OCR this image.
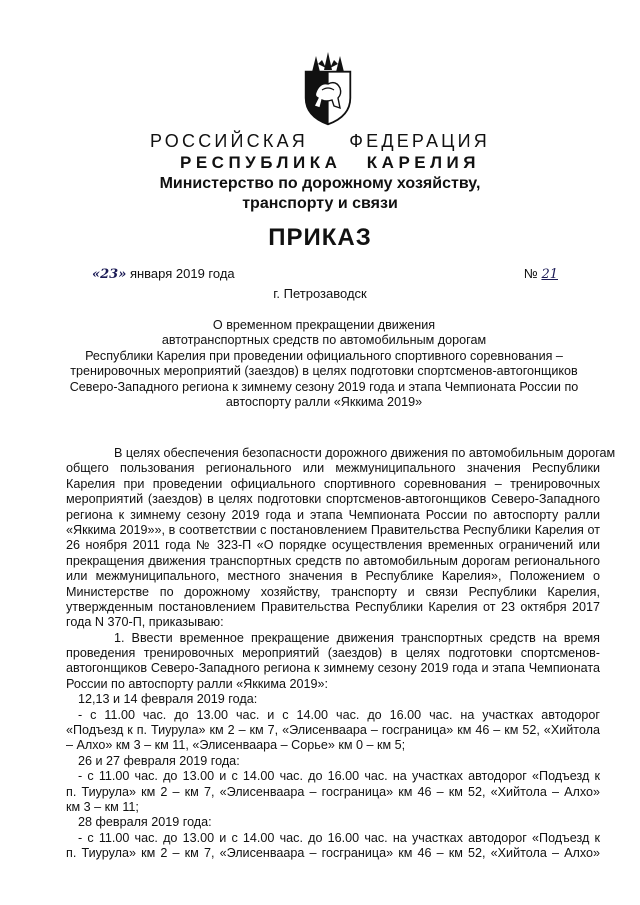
РОССИЙСКАЯ ФЕДЕРАЦИЯ
РЕСПУБЛИКА КАРЕЛИЯ
Министерство по дорожному хозяйству,
транспорту и связи
ПРИКАЗ
«23» января 2019 года	№ 21
г. Петрозаводск
О временном прекращении движения
автотранспортных средств по автомобильным дорогам
Республики Карелия при проведении официального спортивного соревнования –
тренировочных мероприятий (заездов) в целях подготовки спортсменов-автогонщиков
Северо-Западного региона к зимнему сезону 2019 года и этапа Чемпионата России по
автоспорту ралли «Яккима 2019»
В целях обеспечения безопасности дорожного движения по автомобильным дорогам
общего пользования регионального или межмуниципального значения Республики
Карелия при проведении официального спортивного соревнования – тренировочных
мероприятий (заездов) в целях подготовки спортсменов-автогонщиков Северо-Западного
региона к зимнему сезону 2019 года и этапа Чемпионата России по автоспорту ралли
«Яккима 2019»», в соответствии с постановлением Правительства Республики Карелия от
26 ноября 2011 года № 323-П «О порядке осуществления временных ограничений или
прекращения движения транспортных средств по автомобильным дорогам регионального
или межмуниципального, местного значения в Республике Карелия», Положением о
Министерстве по дорожному хозяйству, транспорту и связи Республики Карелия,
утвержденным постановлением Правительства Республики Карелия от 23 октября 2017
года N 370-П, приказываю:
1. Ввести временное прекращение движения транспортных средств на время
проведения тренировочных мероприятий (заездов) в целях подготовки спортсменов-
автогонщиков Северо-Западного региона к зимнему сезону 2019 года и этапа Чемпионата
России по автоспорту ралли «Яккима 2019»:
12,13 и 14 февраля 2019 года:
- с 11.00 час. до 13.00 час. и с 14.00 час. до 16.00 час. на участках автодорог
«Подъезд к п. Тиурула» км 2 – км 7, «Элисенваара – госграница» км 46 – км 52, «Хийтола
– Алхо» км 3 – км 11, «Элисенваара – Сорье» км 0 – км 5;
26 и 27 февраля 2019 года:
- с 11.00 час. до 13.00 и с 14.00 час. до 16.00 час. на участках автодорог «Подъезд к
п. Тиурула» км 2 – км 7, «Элисенваара – госграница» км 46 – км 52, «Хийтола – Алхо»
км 3 – км 11;
28 февраля 2019 года:
- с 11.00 час. до 13.00 и с 14.00 час. до 16.00 час. на участках автодорог «Подъезд к
п. Тиурула» км 2 – км 7, «Элисенваара – госграница» км 46 – км 52, «Хийтола – Алхо»
